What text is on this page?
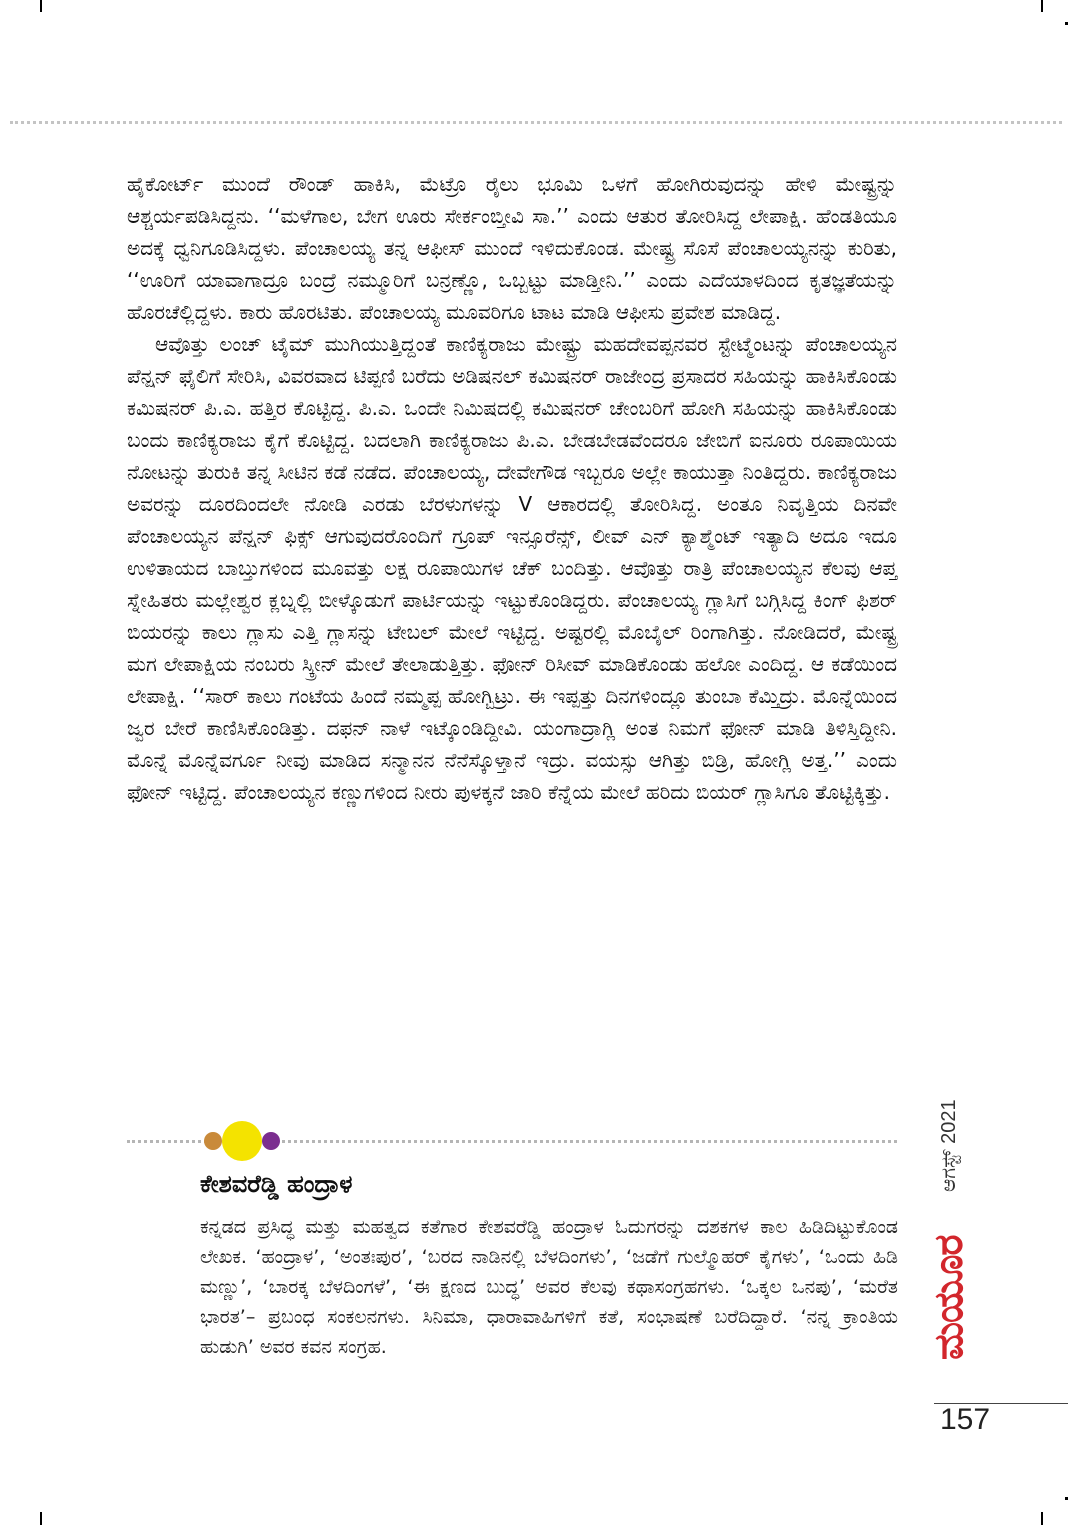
ಹೈಕೋರ್ಟ್ ಮುಂದೆ ರೌಂಡ್ ಹಾಕಿಸಿ, ಮೆಟ್ರೊ ರೈಲು ಭೂಮಿ ಒಳಗೆ ಹೋಗಿರುವುದನ್ನು ಹೇಳಿ ಮೇಷ್ಟ್ರನ್ನು ಆಶ್ಚರ್ಯಪಡಿಸಿದ್ದನು. ‘‘ಮಳೆಗಾಲ, ಬೇಗ ಊರು ಸೇರ್ಕಂಬ್ತೀವಿ ಸಾ.’’ ಎಂದು ಆತುರ ತೋರಿಸಿದ್ದ ಲೇಪಾಕ್ಷಿ. ಹೆಂಡತಿಯೂ ಅದಕ್ಕೆ ಧ್ವನಿಗೂಡಿಸಿದ್ದಳು. ಪೆಂಚಾಲಯ್ಯ ತನ್ನ ಆಫೀಸ್ ಮುಂದೆ ಇಳಿದುಕೊಂಡ. ಮೇಷ್ಟ್ರ ಸೊಸೆ ಪೆಂಚಾಲಯ್ಯನನ್ನು ಕುರಿತು, ‘‘ಊರಿಗೆ ಯಾವಾಗಾದ್ರೂ ಬಂದ್ರೆ ನಮ್ಮೂರಿಗೆ ಬನ್ರಣ್ಣೊ, ಒಬ್ಬಟ್ಟು ಮಾಡ್ತೀನಿ.’’ ಎಂದು ಎದೆಯಾಳದಿಂದ ಕೃತಜ್ಞತೆಯನ್ನು ಹೊರಚೆಲ್ಲಿದ್ದಳು. ಕಾರು ಹೊರಟಿತು. ಪೆಂಚಾಲಯ್ಯ ಮೂವರಿಗೂ ಟಾಟ ಮಾಡಿ ಆಫೀಸು ಪ್ರವೇಶ ಮಾಡಿದ್ದ.

ಆವೊತ್ತು ಲಂಚ್ ಟೈಮ್ ಮುಗಿಯುತ್ತಿದ್ದಂತೆ ಕಾಣಿಕ್ಯರಾಜು ಮೇಷ್ಟ್ರು ಮಹದೇವಪ್ಪನವರ ಸ್ಟೇಟ್ಮೆಂಟನ್ನು ಪೆಂಚಾಲಯ್ಯನ ಪೆನ್ಷನ್ ಫೈಲಿಗೆ ಸೇರಿಸಿ, ವಿವರವಾದ ಟಿಪ್ಪಣಿ ಬರೆದು ಅಡಿಷನಲ್ ಕಮಿಷನರ್ ರಾಜೇಂದ್ರ ಪ್ರಸಾದರ ಸಹಿಯನ್ನು ಹಾಕಿಸಿಕೊಂಡು ಕಮಿಷನರ್ ಪಿ.ಎ. ಹತ್ತಿರ ಕೊಟ್ಟಿದ್ದ. ಪಿ.ಎ. ಒಂದೇ ನಿಮಿಷದಲ್ಲಿ ಕಮಿಷನರ್ ಚೇಂಬರಿಗೆ ಹೋಗಿ ಸಹಿಯನ್ನು ಹಾಕಿಸಿಕೊಂಡು ಬಂದು ಕಾಣಿಕ್ಯರಾಜು ಕೈಗೆ ಕೊಟ್ಟಿದ್ದ. ಬದಲಾಗಿ ಕಾಣಿಕ್ಯರಾಜು ಪಿ.ಎ. ಬೇಡಬೇಡವೆಂದರೂ ಜೇಬಿಗೆ ಐನೂರು ರೂಪಾಯಿಯ ನೋಟನ್ನು ತುರುಕಿ ತನ್ನ ಸೀಟಿನ ಕಡೆ ನಡೆದ. ಪೆಂಚಾಲಯ್ಯ, ದೇವೇಗೌಡ ಇಬ್ಬರೂ ಅಲ್ಲೇ ಕಾಯುತ್ತಾ ನಿಂತಿದ್ದರು. ಕಾಣಿಕ್ಯರಾಜು ಅವರನ್ನು ದೂರದಿಂದಲೇ ನೋಡಿ ಎರಡು ಬೆರಳುಗಳನ್ನು V ಆಕಾರದಲ್ಲಿ ತೋರಿಸಿದ್ದ. ಅಂತೂ ನಿವೃತ್ತಿಯ ದಿನವೇ ಪೆಂಚಾಲಯ್ಯನ ಪೆನ್ಷನ್ ಫಿಕ್ಸ್ ಆಗುವುದರೊಂದಿಗೆ ಗ್ರೂಪ್ ಇನ್ಸೂರೆನ್ಸ್, ಲೀವ್ ಎನ್ ಕ್ಯಾಶ್ಮೆಂಟ್ ಇತ್ಯಾದಿ ಅದೂ ಇದೂ ಉಳಿತಾಯದ ಬಾಬ್ತುಗಳಿಂದ ಮೂವತ್ತು ಲಕ್ಷ ರೂಪಾಯಿಗಳ ಚೆಕ್ ಬಂದಿತ್ತು. ಆವೊತ್ತು ರಾತ್ರಿ ಪೆಂಚಾಲಯ್ಯನ ಕೆಲವು ಆಪ್ತ ಸ್ನೇಹಿತರು ಮಲ್ಲೇಶ್ವರ ಕ್ಲಬ್ನಲ್ಲಿ ಬೀಳ್ಕೊಡುಗೆ ಪಾರ್ಟಿಯನ್ನು ಇಟ್ಟುಕೊಂಡಿದ್ದರು. ಪೆಂಚಾಲಯ್ಯ ಗ್ಲಾಸಿಗೆ ಬಗ್ಗಿಸಿದ್ದ ಕಿಂಗ್ ಫಿಶರ್ ಬಿಯರನ್ನು ಕಾಲು ಗ್ಲಾಸು ಎತ್ತಿ ಗ್ಲಾಸನ್ನು ಟೇಬಲ್ ಮೇಲೆ ಇಟ್ಟಿದ್ದ. ಅಷ್ಟರಲ್ಲಿ ಮೊಬೈಲ್ ರಿಂಗಾಗಿತ್ತು. ನೋಡಿದರೆ, ಮೇಷ್ಟ್ರ ಮಗ ಲೇಪಾಕ್ಷಿಯ ನಂಬರು ಸ್ಕ್ರೀನ್ ಮೇಲೆ ತೇಲಾಡುತ್ತಿತ್ತು. ಫೋನ್ ರಿಸೀವ್ ಮಾಡಿಕೊಂಡು ಹಲೋ ಎಂದಿದ್ದ. ಆ ಕಡೆಯಿಂದ ಲೇಪಾಕ್ಷಿ. ‘‘ಸಾರ್ ಕಾಲು ಗಂಟೆಯ ಹಿಂದೆ ನಮ್ಮಪ್ಪ ಹೋಗ್ಬಿಟ್ರು. ಈ ಇಪ್ಪತ್ತು ದಿನಗಳಿಂದ್ಲೂ ತುಂಬಾ ಕೆಮ್ತಿದ್ರು. ಮೊನ್ನೆಯಿಂದ ಜ್ವರ ಬೇರೆ ಕಾಣಿಸಿಕೊಂಡಿತ್ತು. ದಫನ್ ನಾಳೆ ಇಟ್ಕೊಂಡಿದ್ದೀವಿ. ಯಂಗಾದ್ರಾಗ್ಲಿ ಅಂತ ನಿಮಗೆ ಫೋನ್ ಮಾಡಿ ತಿಳಿಸ್ತಿದ್ದೀನಿ. ಮೊನ್ನೆ ಮೊನ್ನೆವರ್ಗೂ ನೀವು ಮಾಡಿದ ಸನ್ಮಾನನ ನೆನೆಸ್ಕೊಳ್ತಾನೆ ಇದ್ರು. ವಯಸ್ಸು ಆಗಿತ್ತು ಬಿಡ್ರಿ, ಹೋಗ್ಲಿ ಅತ್ತ.’’ ಎಂದು ಫೋನ್ ಇಟ್ಟಿದ್ದ. ಪೆಂಚಾಲಯ್ಯನ ಕಣ್ಣುಗಳಿಂದ ನೀರು ಪುಳಕ್ಕನೆ ಜಾರಿ ಕೆನ್ನೆಯ ಮೇಲೆ ಹರಿದು ಬಿಯರ್ ಗ್ಲಾಸಿಗೂ ತೊಟ್ಟಿಕ್ಕಿತ್ತು.

ಕೇಶವರೆಡ್ಡಿ ಹಂದ್ರಾಳ
ಕನ್ನಡದ ಪ್ರಸಿದ್ಧ ಮತ್ತು ಮಹತ್ವದ ಕತೆಗಾರ ಕೇಶವರೆಡ್ಡಿ ಹಂದ್ರಾಳ ಓದುಗರನ್ನು ದಶಕಗಳ ಕಾಲ ಹಿಡಿದಿಟ್ಟುಕೊಂಡ ಲೇಖಕ. ‘ಹಂದ್ರಾಳ’, ‘ಅಂತಃಪುರ’, ‘ಬರದ ನಾಡಿನಲ್ಲಿ ಬೆಳದಿಂಗಳು’, ‘ಜಡೆಗೆ ಗುಲ್ಮೊಹರ್ ಕೈಗಳು’, ‘ಒಂದು ಹಿಡಿ ಮಣ್ಣು’, ‘ಬಾರಕ್ಕ ಬೆಳದಿಂಗಳೆ’, ‘ಈ ಕ್ಷಣದ ಬುದ್ಧ’ ಅವರ ಕೆಲವು ಕಥಾಸಂಗ್ರಹಗಳು. ‘ಒಕ್ಕಲ ಒನಪು’, ‘ಮರೆತ ಭಾರತ’– ಪ್ರಬಂಧ ಸಂಕಲನಗಳು. ಸಿನಿಮಾ, ಧಾರಾವಾಹಿಗಳಿಗೆ ಕತೆ, ಸಂಭಾಷಣೆ ಬರೆದಿದ್ದಾರೆ. ‘ನನ್ನ ಕ್ರಾಂತಿಯ ಹುಡುಗಿ’ ಅವರ ಕವನ ಸಂಗ್ರಹ.
ಆಗಸ್ಟ್ 2021
ಮಯೂರ
157
